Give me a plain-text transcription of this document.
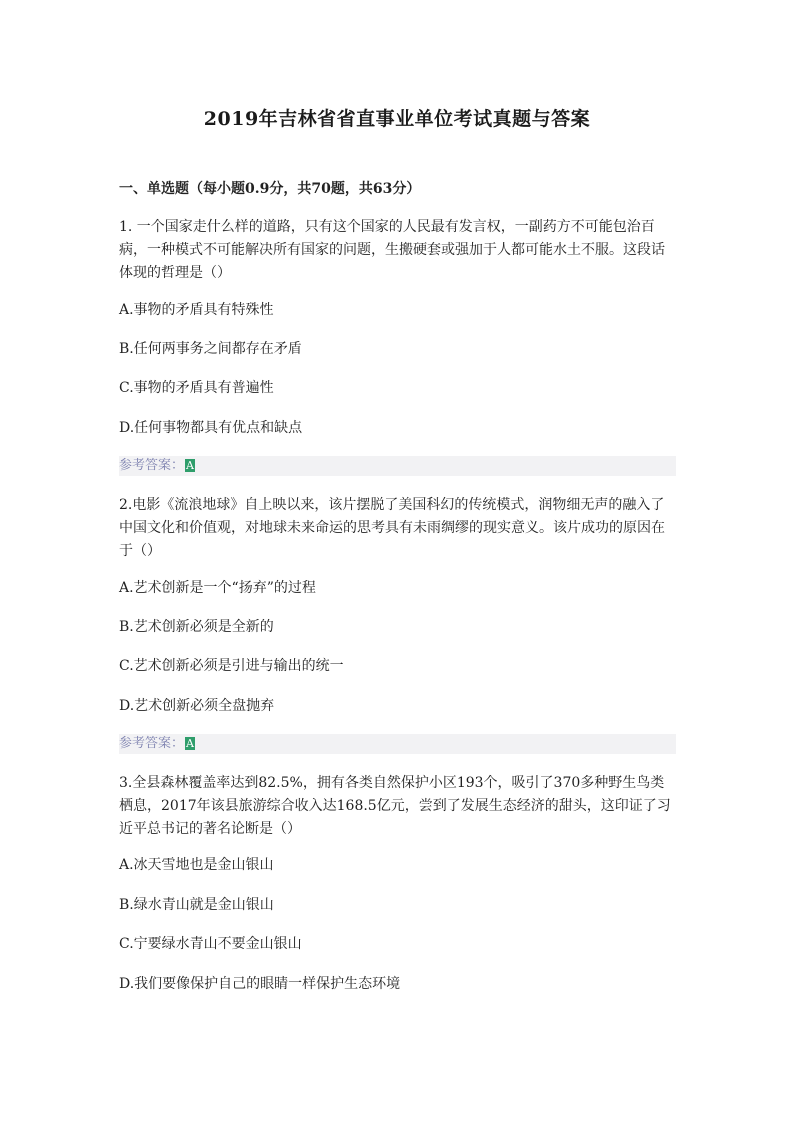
2019年吉林省省直事业单位考试真题与答案
一、单选题（每小题0.9分，共70题，共63分）
1. 一个国家走什么样的道路，只有这个国家的人民最有发言权，一副药方不可能包治百病，一种模式不可能解决所有国家的问题，生搬硬套或强加于人都可能水土不服。这段话体现的哲理是（）
A.事物的矛盾具有特殊性
B.任何两事务之间都存在矛盾
C.事物的矛盾具有普遍性
D.任何事物都具有优点和缺点
参考答案： A
2.电影《流浪地球》自上映以来，该片摆脱了美国科幻的传统模式，润物细无声的融入了中国文化和价值观，对地球未来命运的思考具有未雨绸缪的现实意义。该片成功的原因在于（）
A.艺术创新是一个“扬弃”的过程
B.艺术创新必须是全新的
C.艺术创新必须是引进与输出的统一
D.艺术创新必须全盘抛弃
参考答案： A
3.全县森林覆盖率达到82.5%，拥有各类自然保护小区193个，吸引了370多种野生鸟类栖息，2017年该县旅游综合收入达168.5亿元，尝到了发展生态经济的甜头，这印证了习近平总书记的著名论断是（）
A.冰天雪地也是金山银山
B.绿水青山就是金山银山
C.宁要绿水青山不要金山银山
D.我们要像保护自己的眼睛一样保护生态环境
